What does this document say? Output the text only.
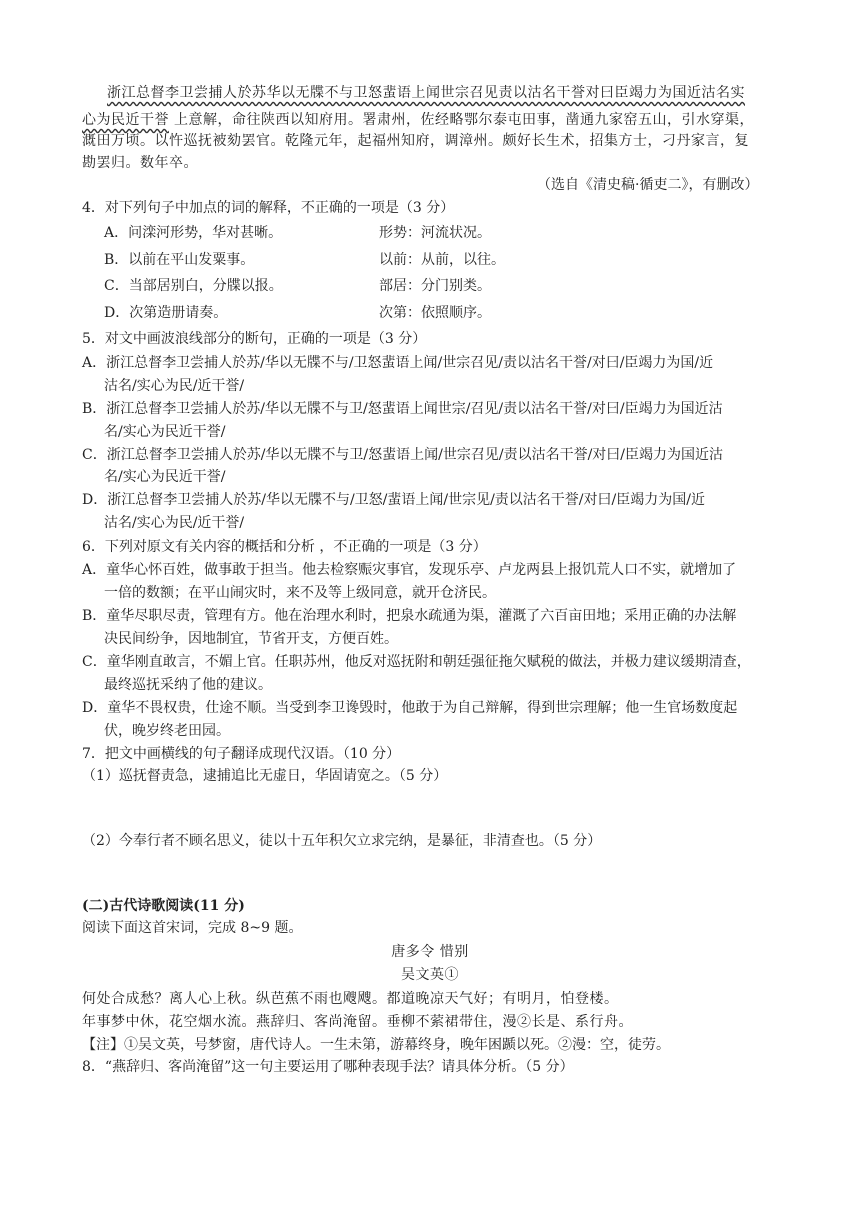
浙江总督李卫尝捕人於苏华以无牒不与卫怒蜚语上闻世宗召见责以沽名干誉对曰臣竭力为国近沽名实
心为民近干誉 上意解，命往陕西以知府用。署肃州，佐经略鄂尔泰屯田事，凿通九家窑五山，引水穿渠，
溉田万顷。以忤巡抚被劾罢官。乾隆元年，起福州知府，调漳州。颇好长生术，招集方士，刁丹家言，复
勘罢归。数年卒。
（选自《清史稿·循吏二》，有删改）
4．对下列句子中加点的词的解释，不正确的一项是（3 分）
A．问滦河形势，华对甚晰。	形势：河流状况。
B．以前在平山发粟事。	以前：从前，以往。
C．当部居别白，分牒以报。	部居：分门别类。
D．次第造册请奏。	次第：依照顺序。
5．对文中画波浪线部分的断句，正确的一项是（3 分）
A．浙江总督李卫尝捕人於苏/华以无牒不与/卫怒蜚语上闻/世宗召见/责以沽名干誉/对曰/臣竭力为国/近
沽名/实心为民/近干誉/
B．浙江总督李卫尝捕人於苏/华以无牒不与卫/怒蜚语上闻世宗/召见/责以沽名干誉/对曰/臣竭力为国近沽
名/实心为民近干誉/
C．浙江总督李卫尝捕人於苏/华以无牒不与卫/怒蜚语上闻/世宗召见/责以沽名干誉/对曰/臣竭力为国近沽
名/实心为民近干誉/
D．浙江总督李卫尝捕人於苏/华以无牒不与/卫怒/蜚语上闻/世宗见/责以沽名干誉/对曰/臣竭力为国/近
沽名/实心为民/近干誉/
6．下列对原文有关内容的概括和分析 ，不正确的一项是（3 分）
A．童华心怀百姓，做事敢于担当。他去检察赈灾事官，发现乐亭、卢龙两县上报饥荒人口不实，就增加了
一倍的数额；在平山闹灾时，来不及等上级同意，就开仓济民。
B．童华尽职尽责，管理有方。他在治理水利时，把泉水疏通为渠，灌溉了六百亩田地；采用正确的办法解
决民间纷争，因地制宜，节省开支，方便百姓。
C．童华刚直敢言，不媚上官。任职苏州，他反对巡抚附和朝廷强征拖欠赋税的做法，并极力建议缓期清查，
最终巡抚采纳了他的建议。
D．童华不畏权贵，仕途不顺。当受到李卫谗毁时，他敢于为自己辩解，得到世宗理解；他一生官场数度起
伏，晚岁终老田园。
7．把文中画横线的句子翻译成现代汉语。（10 分）
（1）巡抚督责急，逮捕追比无虚日，华固请宽之。（5 分）
（2）今奉行者不顾名思义，徒以十五年积欠立求完纳，是暴征，非清查也。（5 分）
(二)古代诗歌阅读(11 分)
阅读下面这首宋词，完成 8~9 题。
唐多令 惜别
吴文英①
何处合成愁？离人心上秋。纵芭蕉不雨也飕飕。都道晚凉天气好；有明月，怕登楼。
年事梦中休，花空烟水流。燕辞归、客尚淹留。垂柳不萦裙带住，漫②长是、系行舟。
【注】①吴文英，号梦窗，唐代诗人。一生未第，游幕终身，晚年困踬以死。②漫：空，徒劳。
8．“燕辞归、客尚淹留”这一句主要运用了哪种表现手法？请具体分析。（5 分）
